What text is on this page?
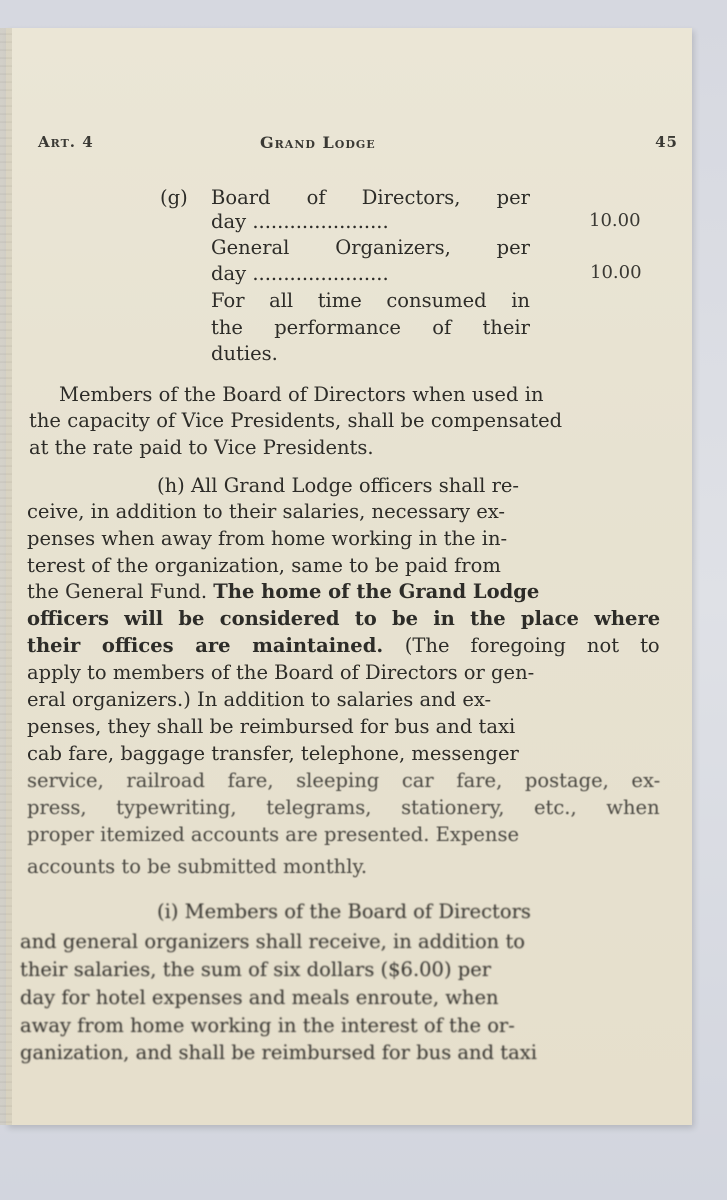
Art. 4	Grand Lodge	45
(g) Board of Directors, per
day ......................	10.00
General Organizers, per
day ......................	10.00
For all time consumed in
the performance of their
duties.
Members of the Board of Directors when used in
the capacity of Vice Presidents, shall be compensated
at the rate paid to Vice Presidents.
(h) All Grand Lodge officers shall re-
ceive, in addition to their salaries, necessary ex-
penses when away from home working in the in-
terest of the organization, same to be paid from
the General Fund. The home of the Grand Lodge
officers will be considered to be in the place where
their offices are maintained. (The foregoing not to
apply to members of the Board of Directors or gen-
eral organizers.) In addition to salaries and ex-
penses, they shall be reimbursed for bus and taxi
cab fare, baggage transfer, telephone, messenger
service, railroad fare, sleeping car fare, postage, ex-
press, typewriting, telegrams, stationery, etc., when
proper itemized accounts are presented. Expense
accounts to be submitted monthly.
(i) Members of the Board of Directors
and general organizers shall receive, in addition to
their salaries, the sum of six dollars ($6.00) per
day for hotel expenses and meals enroute, when
away from home working in the interest of the or-
ganization, and shall be reimbursed for bus and taxi
